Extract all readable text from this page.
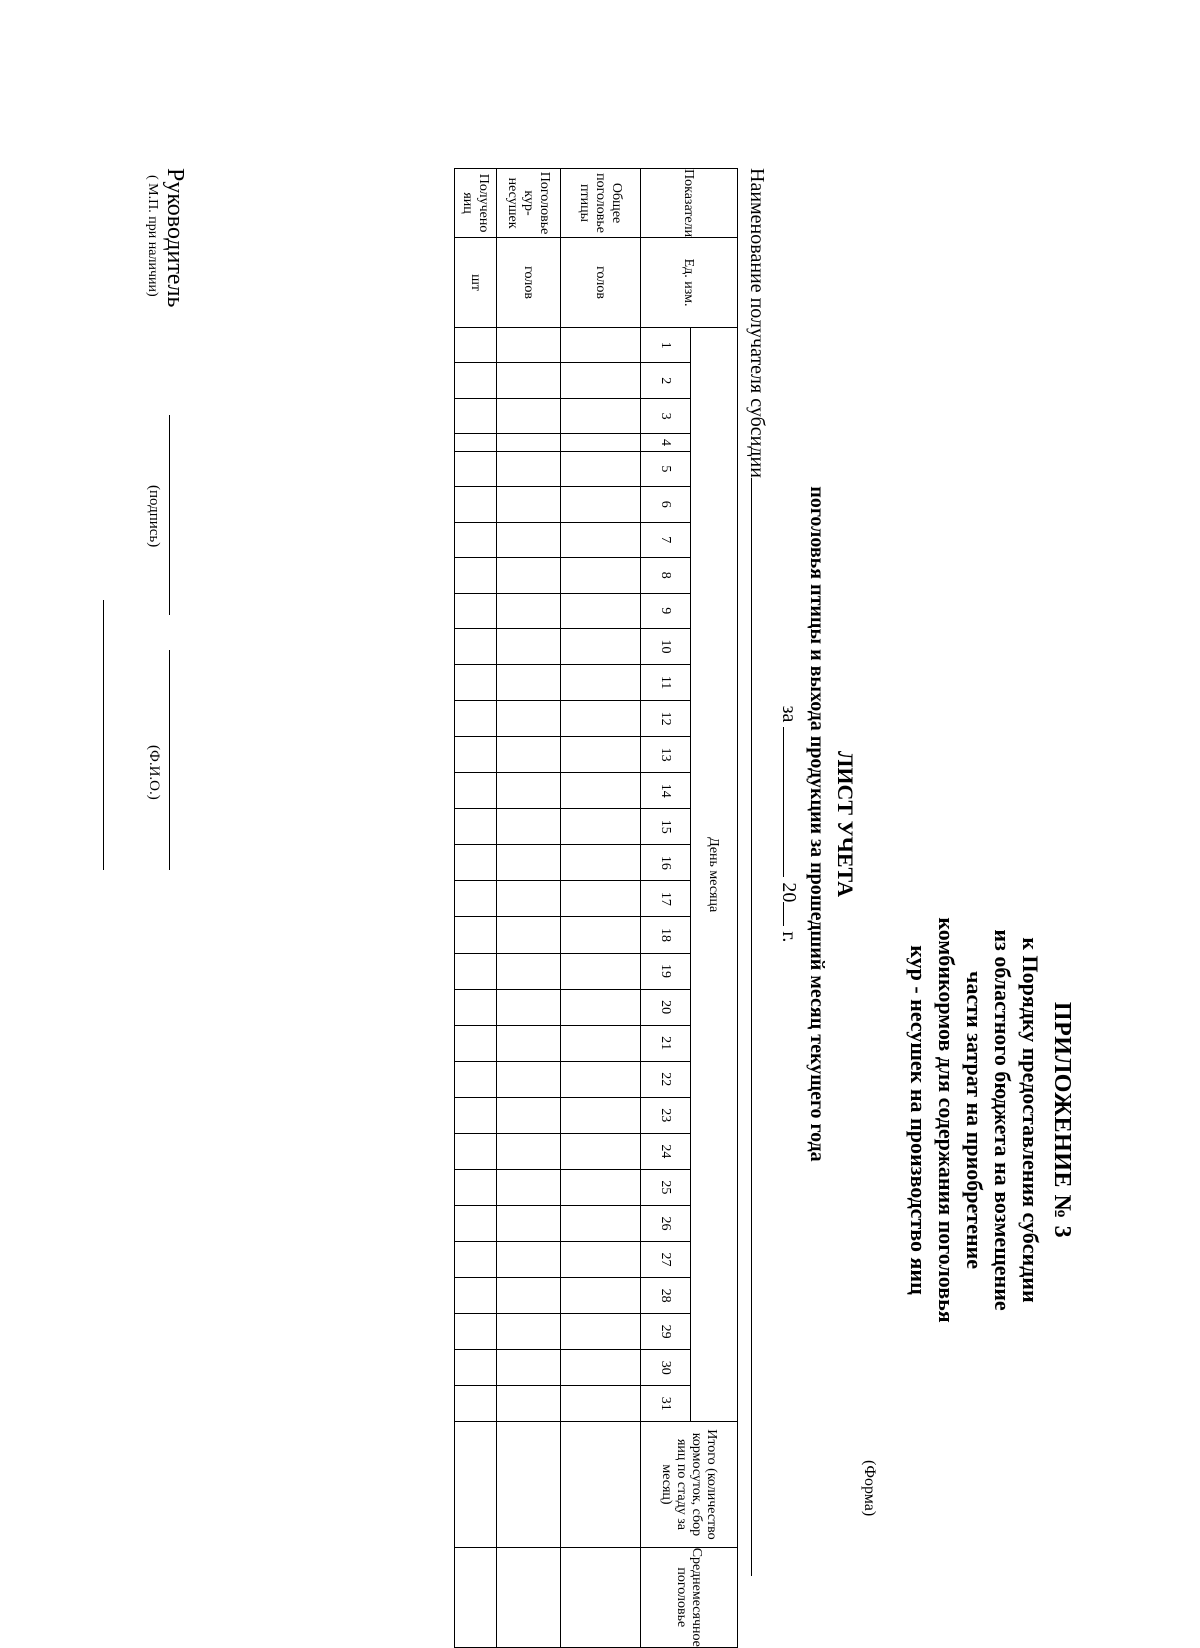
ПРИЛОЖЕНИЕ № 3
к Порядку предоставления субсидии
из областного бюджета на возмещение
части затрат на приобретение
комбикормов для содержания поголовья
кур - несушек на производство яиц
(Форма)
ЛИСТ УЧЕТА
поголовья птицы и выхода продукции за прошедший месяц текущего года
за  20 г.
Наименование получателя субсидии
Показатели	Ед. изм.	День месяца																															Итого (количество кормосуток, сбор яиц по стаду за месяц)	Среднемесячное поголовье
		1	2	3	4	5	6	7	8	9	10	11	12	13	14	15	16	17	18	19	20	21	22	23	24	25	26	27	28	29	30	31		
Общее поголовье птицы	голов																																	
Поголовье кур-несушек	голов																																	
Получено яиц	шт																																	
Руководитель
( М.П. при наличии)
(подпись)
(Ф.И.О.)
